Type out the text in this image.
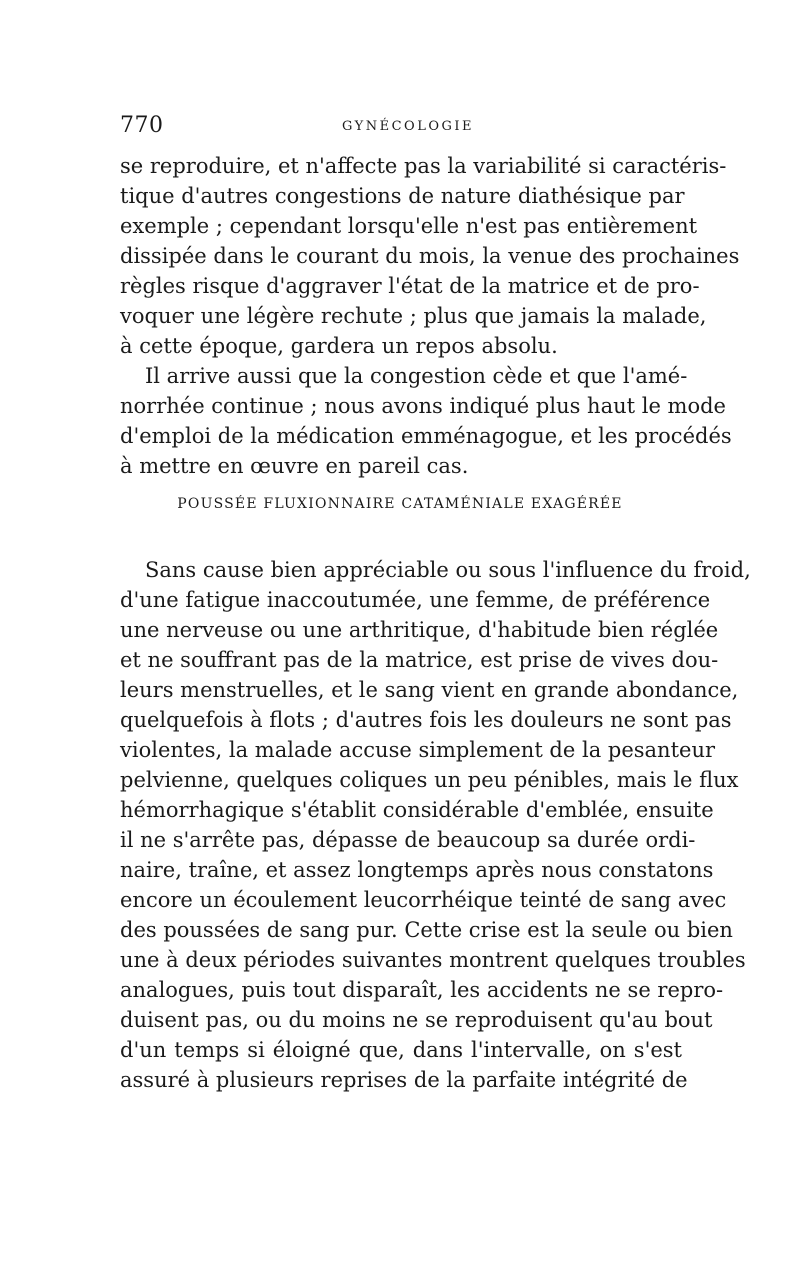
770	GYNÉCOLOGIE
se reproduire, et n'affecte pas la variabilité si caractéris-
tique d'autres congestions de nature diathésique par
exemple ; cependant lorsqu'elle n'est pas entièrement
dissipée dans le courant du mois, la venue des prochaines
règles risque d'aggraver l'état de la matrice et de pro-
voquer une légère rechute ; plus que jamais la malade,
à cette époque, gardera un repos absolu.
Il arrive aussi que la congestion cède et que l'amé-
norrhée continue ; nous avons indiqué plus haut le mode
d'emploi de la médication emménagogue, et les procédés
à mettre en œuvre en pareil cas.
POUSSÉE FLUXIONNAIRE CATAMÉNIALE EXAGÉRÉE
Sans cause bien appréciable ou sous l'influence du froid,
d'une fatigue inaccoutumée, une femme, de préférence
une nerveuse ou une arthritique, d'habitude bien réglée
et ne souffrant pas de la matrice, est prise de vives dou-
leurs menstruelles, et le sang vient en grande abondance,
quelquefois à flots ; d'autres fois les douleurs ne sont pas
violentes, la malade accuse simplement de la pesanteur
pelvienne, quelques coliques un peu pénibles, mais le flux
hémorrhagique s'établit considérable d'emblée, ensuite
il ne s'arrête pas, dépasse de beaucoup sa durée ordi-
naire, traîne, et assez longtemps après nous constatons
encore un écoulement leucorrhéique teinté de sang avec
des poussées de sang pur. Cette crise est la seule ou bien
une à deux périodes suivantes montrent quelques troubles
analogues, puis tout disparaît, les accidents ne se repro-
duisent pas, ou du moins ne se reproduisent qu'au bout
d'un temps si éloigné que, dans l'intervalle, on s'est
assuré à plusieurs reprises de la parfaite intégrité de
